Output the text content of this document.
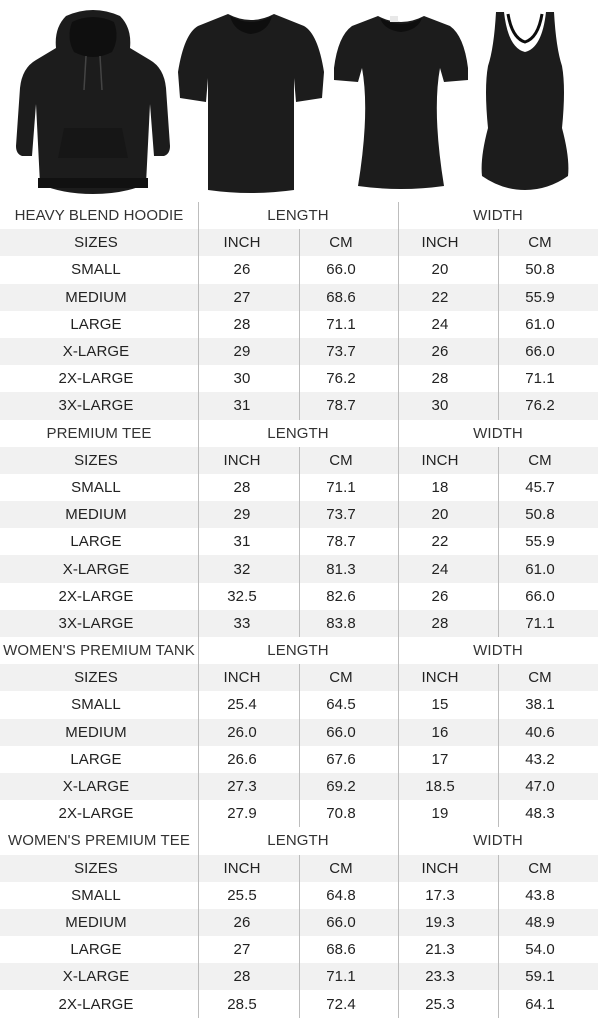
HEAVY BLEND HOODIE	LENGTH	WIDTH
SIZES	INCH	CM	INCH	CM
SMALL	26	66.0	20	50.8
MEDIUM	27	68.6	22	55.9
LARGE	28	71.1	24	61.0
X-LARGE	29	73.7	26	66.0
2X-LARGE	30	76.2	28	71.1
3X-LARGE	31	78.7	30	76.2
PREMIUM TEE	LENGTH	WIDTH
SIZES	INCH	CM	INCH	CM
SMALL	28	71.1	18	45.7
MEDIUM	29	73.7	20	50.8
LARGE	31	78.7	22	55.9
X-LARGE	32	81.3	24	61.0
2X-LARGE	32.5	82.6	26	66.0
3X-LARGE	33	83.8	28	71.1
WOMEN'S PREMIUM TANK	LENGTH	WIDTH
SIZES	INCH	CM	INCH	CM
SMALL	25.4	64.5	15	38.1
MEDIUM	26.0	66.0	16	40.6
LARGE	26.6	67.6	17	43.2
X-LARGE	27.3	69.2	18.5	47.0
2X-LARGE	27.9	70.8	19	48.3
WOMEN'S PREMIUM TEE	LENGTH	WIDTH
SIZES	INCH	CM	INCH	CM
SMALL	25.5	64.8	17.3	43.8
MEDIUM	26	66.0	19.3	48.9
LARGE	27	68.6	21.3	54.0
X-LARGE	28	71.1	23.3	59.1
2X-LARGE	28.5	72.4	25.3	64.1
